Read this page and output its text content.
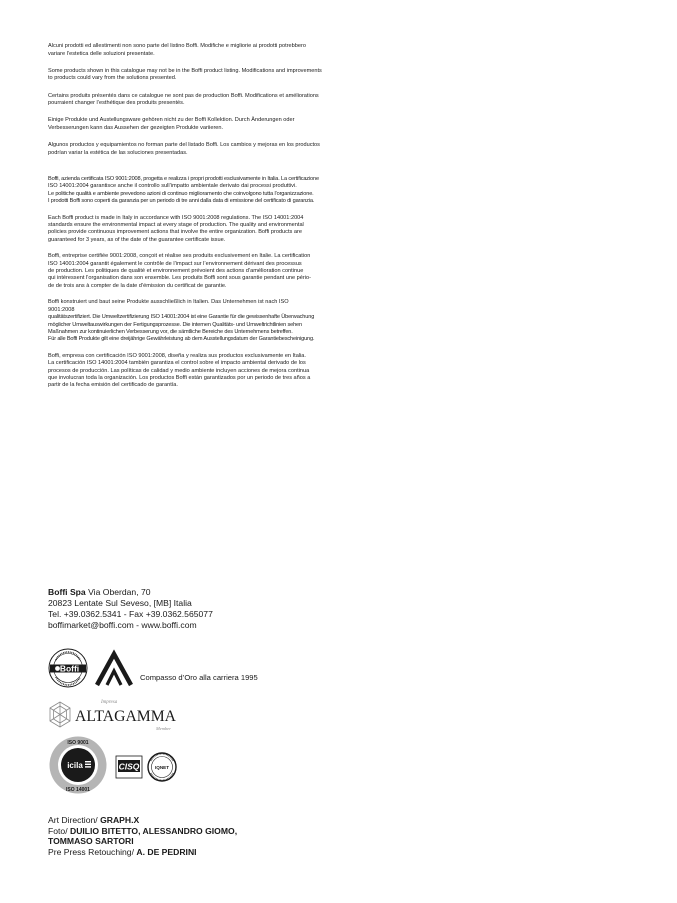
Alcuni prodotti ed allestimenti non sono parte del listino Boffi. Modifiche e migliorie ai prodotti potrebbero
variare l’estetica delle soluzioni presentate.

Some products shown in this catalogue may not be in the Boffi product listing. Modifications and improvements
to products could vary from the solutions presented.

Certains produits présentés dans ce catalogue ne sont pas de production Boffi. Modifications et améliorations
pourraient changer l’esthétique des produits presentés.

Einige Produkte und Austellungsware gehören nicht zu der Boffi Kollektion. Durch Änderungen oder
Verbesserungen kann das Aussehen der gezeigten Produkte variieren.

Algunos productos y equipamientos no forman parte del listado Boffi. Los cambios y mejoras en los productos
podrían variar la estética de las soluciones presentadas.

Boffi, azienda certificata ISO 9001:2008, progetta e realizza i propri prodotti esclusivamente in Italia. La certificazione
ISO 14001:2004 garantisce anche il controllo sull’impatto ambientale derivato dai processi produttivi.
Le politiche qualità e ambiente prevedono azioni di continuo miglioramento che coinvolgono tutta l’organizzazione.
I prodotti Boffi sono coperti da garanzia per un periodo di tre anni dalla data di emissione del certificato di garanzia.
Each Boffi product is made in Italy in accordance with ISO 9001:2008 regulations. The ISO 14001:2004
standards ensure the environmental impact at every stage of production. The quality and environmental
policies provide continuous improvement actions that involve the entire organization. Boffi products are
guaranteed for 3 years, as of the date of the guarantee certificate issue.
Boffi, entreprise certifiée 9001:2008, conçoit et réalise ses produits exclusivement en Italie. La certification
ISO 14001:2004 garantit également le contrôle de l’impact sur l’environnement dérivant des processus
de production. Les politiques de qualité et environnement prévoient des actions d’amélioration continue
qui intéressent l’organisation dans son ensemble. Les produits Boffi sont sous garantie pendant une pério-
de de trois ans à compter de la date d’émission du certificat de garantie.
Boffi konstruiert und baut seine Produkte ausschließlich in Italien. Das Unternehmen ist nach ISO
9001:2008
qualitätszertifiziert. Die Umweltzertifizierung ISO 14001:2004 ist eine Garantie für die gewissenhafte Überwachung
möglicher Umweltauswirkungen der Fertigungsprozesse. Die internen Qualitäts- und Umweltrichtlinien sehen
Maßnahmen zur kontinuierlichen Verbesserung vor, die sämtliche Bereiche des Unternehmens betreffen.
Für alle Boffi Produkte gilt eine dreijährige Gewährleistung ab dem Ausstellungsdatum der Garantiebescheinigung.
Boffi, empresa con certificación ISO 9001:2008, diseña y realiza sus productos exclusivamente en Italia.
La certificación ISO 14001:2004 también garantiza el control sobre el impacto ambiental derivado de los
procesos de producción. Las políticas de calidad y medio ambiente incluyen acciones de mejora continua
que involucran toda la organización. Los productos Boffi están garantizados por un periodo de tres años a
partir de la fecha emisión del certificado de garantía.
Boffi Spa Via Oberdan, 70
20823 Lentate Sul Seveso, [MB] Italia
Tel. +39.0362.5341 - Fax +39.0362.565077
boffimarket@boffi.com - www.boffi.com
Boffi
Compasso d’Oro alla carriera 1995
Impresa
ALTAGAMMA
Member
ISO 9001
ISO 14001
icila	CISQ	IQNET
Art Direction/ GRAPH.X
Foto/ DUILIO BITETTO, ALESSANDRO GIOMO,
TOMMASO SARTORI
Pre Press Retouching/ A. DE PEDRINI
